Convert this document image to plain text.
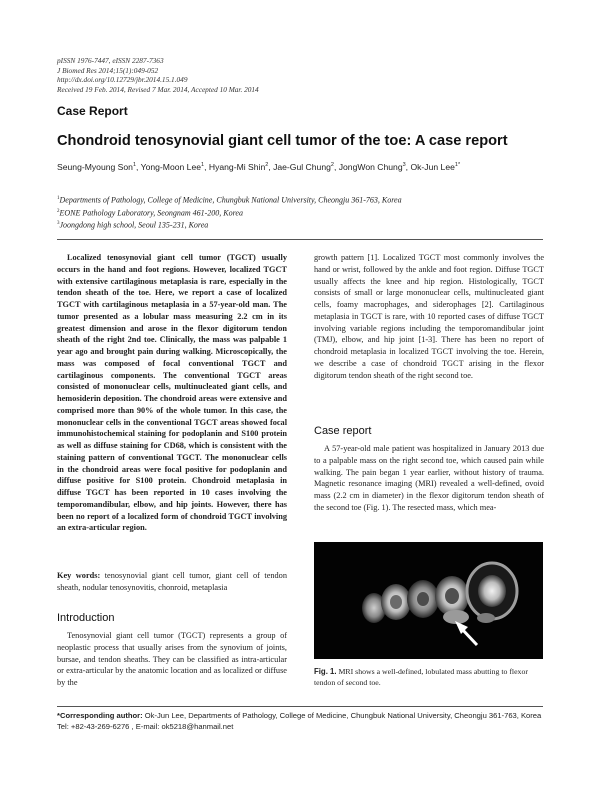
pISSN 1976-7447, eISSN 2287-7363
J Biomed Res 2014;15(1):049-052
http://dx.doi.org/10.12729/jbr.2014.15.1.049
Received 19 Feb. 2014, Revised 7 Mar. 2014, Accepted 10 Mar. 2014
Case Report
Chondroid tenosynovial giant cell tumor of the toe: A case report
Seung-Myoung Son$^1$, Yong-Moon Lee$^1$, Hyang-Mi Shin$^2$, Jae-Gul Chung$^2$, JongWon Chung$^3$, Ok-Jun Lee$^{1*}$
$^1$Departments of Pathology, College of Medicine, Chungbuk National University, Cheongju 361-763, Korea
$^2$EONE Pathology Laboratory, Seongnam 461-200, Korea
$^3$Joongdong high school, Seoul 135-231, Korea

Localized tenosynovial giant cell tumor (TGCT) usually occurs in the hand and foot regions. However, localized TGCT with extensive cartilaginous metaplasia is rare, especially in the tendon sheath of the toe. Here, we report a case of localized TGCT with cartilaginous metaplasia in a 57-year-old man. The tumor presented as a lobular mass measuring 2.2 cm in its greatest dimension and arose in the flexor digitorum tendon sheath of the right 2nd toe. Clinically, the mass was palpable 1 year ago and brought pain during walking. Microscopically, the mass was composed of focal conventional TGCT and cartilaginous components. The conventional TGCT areas consisted of mononuclear cells, multinucleated giant cells, and hemosiderin deposition. The chondroid areas were extensive and comprised more than 90% of the whole tumor. In this case, the mononuclear cells in the conventional TGCT areas showed focal immunohistochemical staining for podoplanin and S100 protein as well as diffuse staining for CD68, which is consistent with the staining pattern of conventional TGCT. The mononuclear cells in the chondroid areas were focal positive for podoplanin and diffuse positive for S100 protein. Chondroid metaplasia in diffuse TGCT has been reported in 10 cases involving the temporomandibular, elbow, and hip joints. However, there has been no report of a localized form of chondroid TGCT involving an extra-articular region.

Key words: tenosynovial giant cell tumor, giant cell of tendon sheath, nodular tenosynovitis, chonroid, metaplasia

Introduction

Tenosynovial giant cell tumor (TGCT) represents a group of neoplastic process that usually arises from the synovium of joints, bursae, and tendon sheaths. They can be classified as intra-articular or extra-articular by the anatomic location and as localized or diffuse by the

growth pattern [1]. Localized TGCT most commonly involves the hand or wrist, followed by the ankle and foot region. Diffuse TGCT usually affects the knee and hip region. Histologically, TGCT consists of small or large mononuclear cells, multinucleated giant cells, foamy macrophages, and siderophages [2]. Cartilaginous metaplasia in TGCT is rare, with 10 reported cases of diffuse TGCT involving variable regions including the temporomandibular joint (TMJ), elbow, and hip joint [1-3]. There has been no report of chondroid metaplasia in localized TGCT involving the toe. Herein, we describe a case of chondroid TGCT arising in the flexor digitorum tendon sheath of the right second toe.

Case report

A 57-year-old male patient was hospitalized in January 2013 due to a palpable mass on the right second toe, which caused pain while walking. The pain began 1 year earlier, without history of trauma. Magnetic resonance imaging (MRI) revealed a well-defined, ovoid mass (2.2 cm in diameter) in the flexor digitorum tendon sheath of the second toe (Fig. 1). The resected mass, which mea-

Fig. 1. MRI shows a well-defined, lobulated mass abutting to flexor tendon of second toe.
*Corresponding author: Ok-Jun Lee, Departments of Pathology, College of Medicine, Chungbuk National University, Cheongju 361-763, Korea
Tel: +82-43-269-6276 , E-mail: ok5218@hanmail.net
